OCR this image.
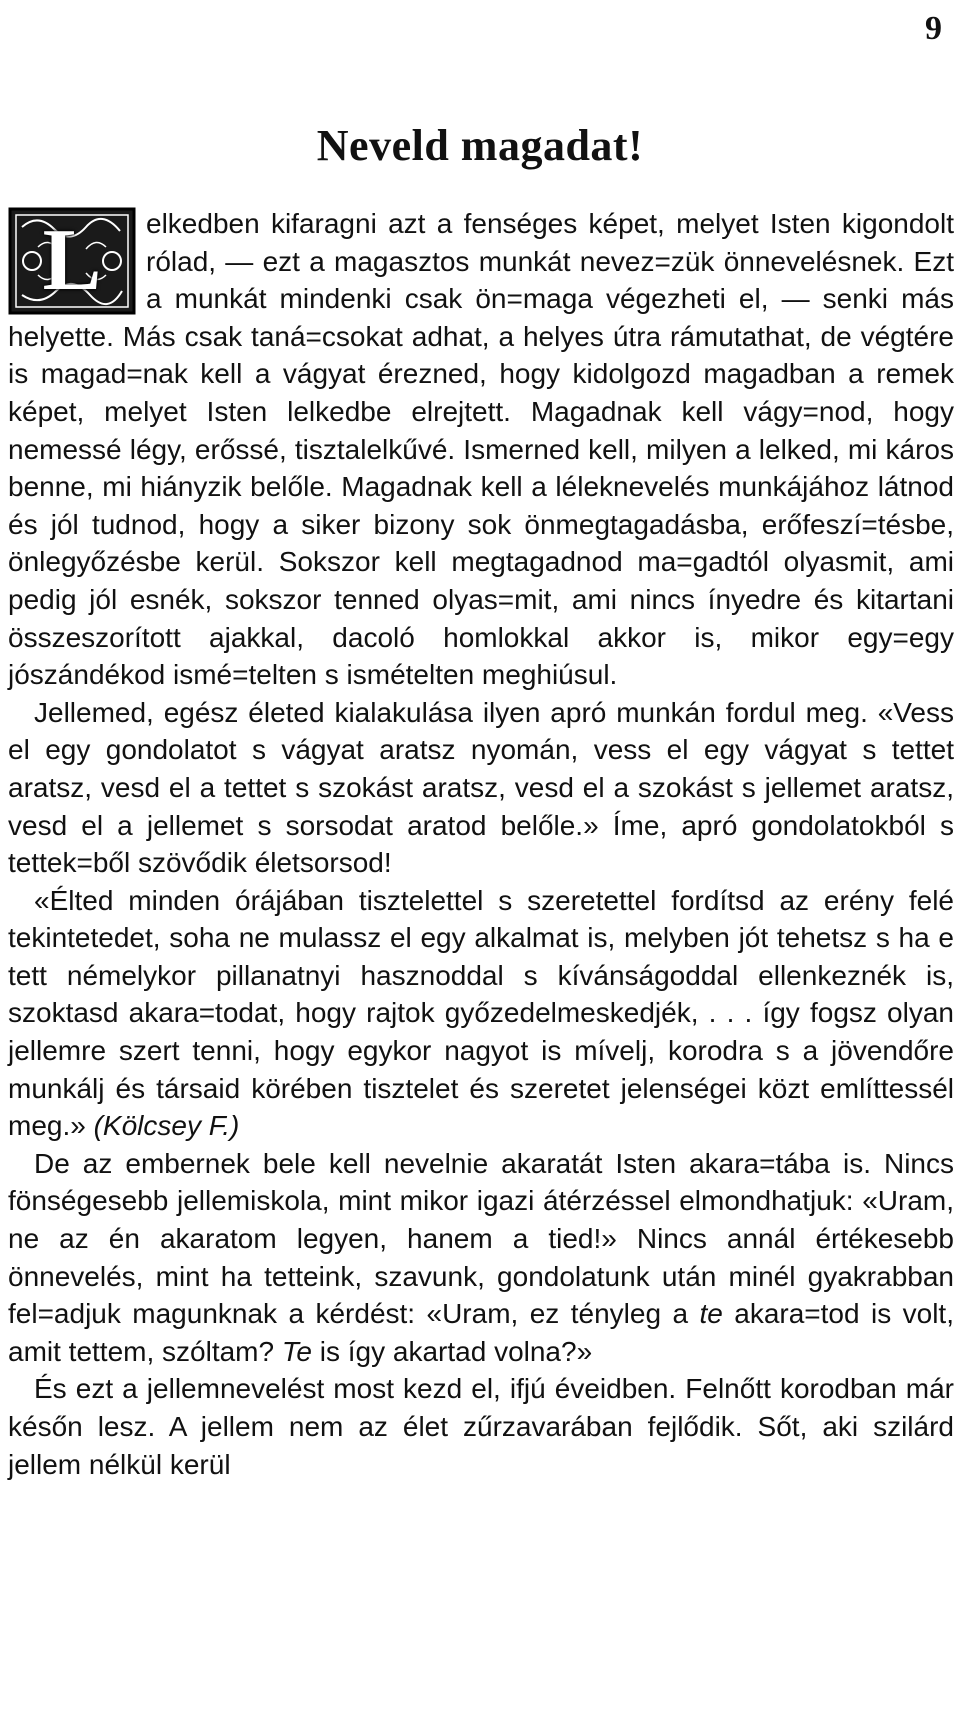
9
Neveld magadat!

L	elkedben kifaragni azt a fenséges képet, melyet Isten kigondolt rólad, — ezt a magasztos munkát nevez=zük önnevelésnek. Ezt a munkát mindenki csak ön=maga végezheti el, — senki más helyette. Más csak taná=csokat adhat, a helyes útra rámutathat, de végtére is magad=nak kell a vágyat érezned, hogy kidolgozd magadban a remek képet, melyet Isten lelkedbe elrejtett. Magadnak kell vágy=nod, hogy nemessé légy, erőssé, tisztalelkűvé. Ismerned kell, milyen a lelked, mi káros benne, mi hiányzik belőle. Magadnak kell a léleknevelés munkájához látnod és jól tudnod, hogy a siker bizony sok önmegtagadásba, erőfeszí=tésbe, önlegyőzésbe kerül. Sokszor kell megtagadnod ma=gadtól olyasmit, ami pedig jól esnék, sokszor tenned olyas=mit, ami nincs ínyedre és kitartani összeszorított ajakkal, dacoló homlokkal akkor is, mikor egy=egy jószándékod ismé=telten s ismételten meghiúsul.

Jellemed, egész életed kialakulása ilyen apró munkán fordul meg. «Vess el egy gondolatot s vágyat aratsz nyomán, vess el egy vágyat s tettet aratsz, vesd el a tettet s szokást aratsz, vesd el a szokást s jellemet aratsz, vesd el a jellemet s sorsodat aratod belőle.» Íme, apró gondolatokból s tettek=ből szövődik életsorsod!

«Élted minden órájában tisztelettel s szeretettel fordítsd az erény felé tekintetedet, soha ne mulassz el egy alkalmat is, melyben jót tehetsz s ha e tett némelykor pillanatnyi hasznoddal s kívánságoddal ellenkeznék is, szoktasd akara=todat, hogy rajtok győzedelmeskedjék, . . . így fogsz olyan jellemre szert tenni, hogy egykor nagyot is mívelj, korodra s a jövendőre munkálj és társaid körében tisztelet és szeretet jelenségei közt említtessél meg.» (Kölcsey F.)

De az embernek bele kell nevelnie akaratát Isten akara=tába is. Nincs fönségesebb jellemiskola, mint mikor igazi átérzéssel elmondhatjuk: «Uram, ne az én akaratom legyen, hanem a tied!» Nincs annál értékesebb önnevelés, mint ha tetteink, szavunk, gondolatunk után minél gyakrabban fel=adjuk magunknak a kérdést: «Uram, ez tényleg a te akara=tod is volt, amit tettem, szóltam? Te is így akartad volna?»

És ezt a jellemnevelést most kezd el, ifjú éveidben. Felnőtt korodban már későn lesz. A jellem nem az élet zűrzavarában fejlődik. Sőt, aki szilárd jellem nélkül kerül
